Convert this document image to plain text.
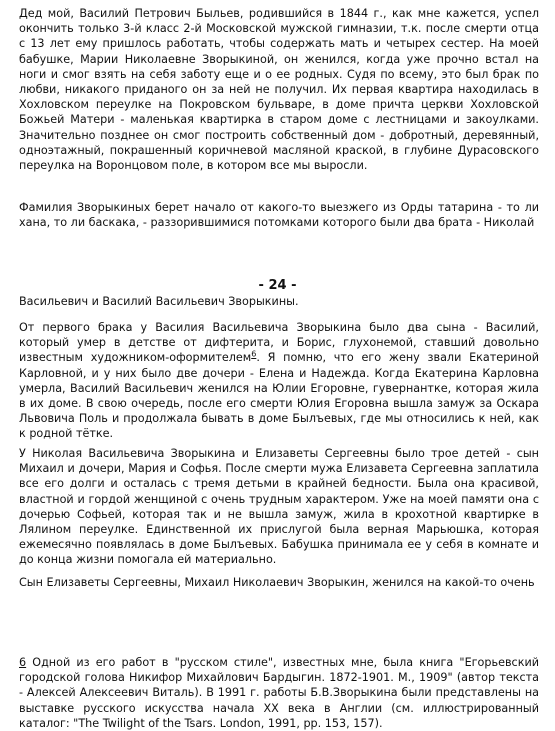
Дед мой, Василий Петрович Быльев, родившийся в 1844 г., как мне кажется, успел окончить только 3-й класс 2-й Московской мужской гимназии, т.к. после смерти отца с 13 лет ему пришлось работать, чтобы содержать мать и четырех сестер. На моей бабушке, Марии Николаевне Зворыкиной, он женился, когда уже прочно встал на ноги и смог взять на себя заботу еще и о ее родных. Судя по всему, это был брак по любви, никакого приданого он за ней не получил. Их первая квартира находилась в Хохловском переулке на Покровском бульваре, в доме причта церкви Хохловской Божьей Матери - маленькая квартирка в старом доме с лестницами и закоулками. Значительно позднее он смог построить собственный дом - добротный, деревянный, одноэтажный, покрашенный коричневой масляной краской, в глубине Дурасовского переулка на Воронцовом поле, в котором все мы выросли.

Фамилия Зворыкиных берет начало от какого-то выезжего из Орды татарина - то ли хана, то ли баскака, - раззорившимися потомками которого были два брата - Николай

- 24 -

Васильевич и Василий Васильевич Зворыкины.

От первого брака у Василия Васильевича Зворыкина было два сына - Василий, который умер в детстве от дифтерита, и Борис, глухонемой, ставший довольно известным художником-оформителем$^6$. Я помню, что его жену звали Екатериной Карловной, и у них было две дочери - Елена и Надежда. Когда Екатерина Карловна умерла, Василий Васильевич женился на Юлии Егоровне, гувернантке, которая жила в их доме. В свою очередь, после его смерти Юлия Егоровна вышла замуж за Оскара Львовича Поль и продолжала бывать в доме Былъевых, где мы относились к ней, как к родной тётке.

У Николая Васильевича Зворыкина и Елизаветы Сергеевны было трое детей - сын Михаил и дочери, Мария и Софья. После смерти мужа Елизавета Сергеевна заплатила все его долги и осталась с тремя детьми в крайней бедности. Была она красивой, властной и гордой женщиной с очень трудным характером. Уже на моей памяти она с дочерью Софьей, которая так и не вышла замуж, жила в крохотной квартирке в Лялином переулке. Единственной их прислугой была верная Марьюшка, которая ежемесячно появлялась в доме Былъевых. Бабушка принимала ее у себя в комнате и до конца жизни помогала ей материально.

Сын Елизаветы Сергеевны, Михаил Николаевич Зворыкин, женился на какой-то очень

6 Одной из его работ в "русском стиле", известных мне, была книга "Егорьевский городской голова Никифор Михайлович Бардыгин. 1872-1901. М., 1909" (автор текста - Алексей Алексеевич Виталь). В 1991 г. работы Б.В.Зворыкина были представлены на выставке русского искусства начала XX века в Англии (см. иллюстрированный каталог: "The Twilight of the Tsars. London, 1991, pp. 153, 157).
